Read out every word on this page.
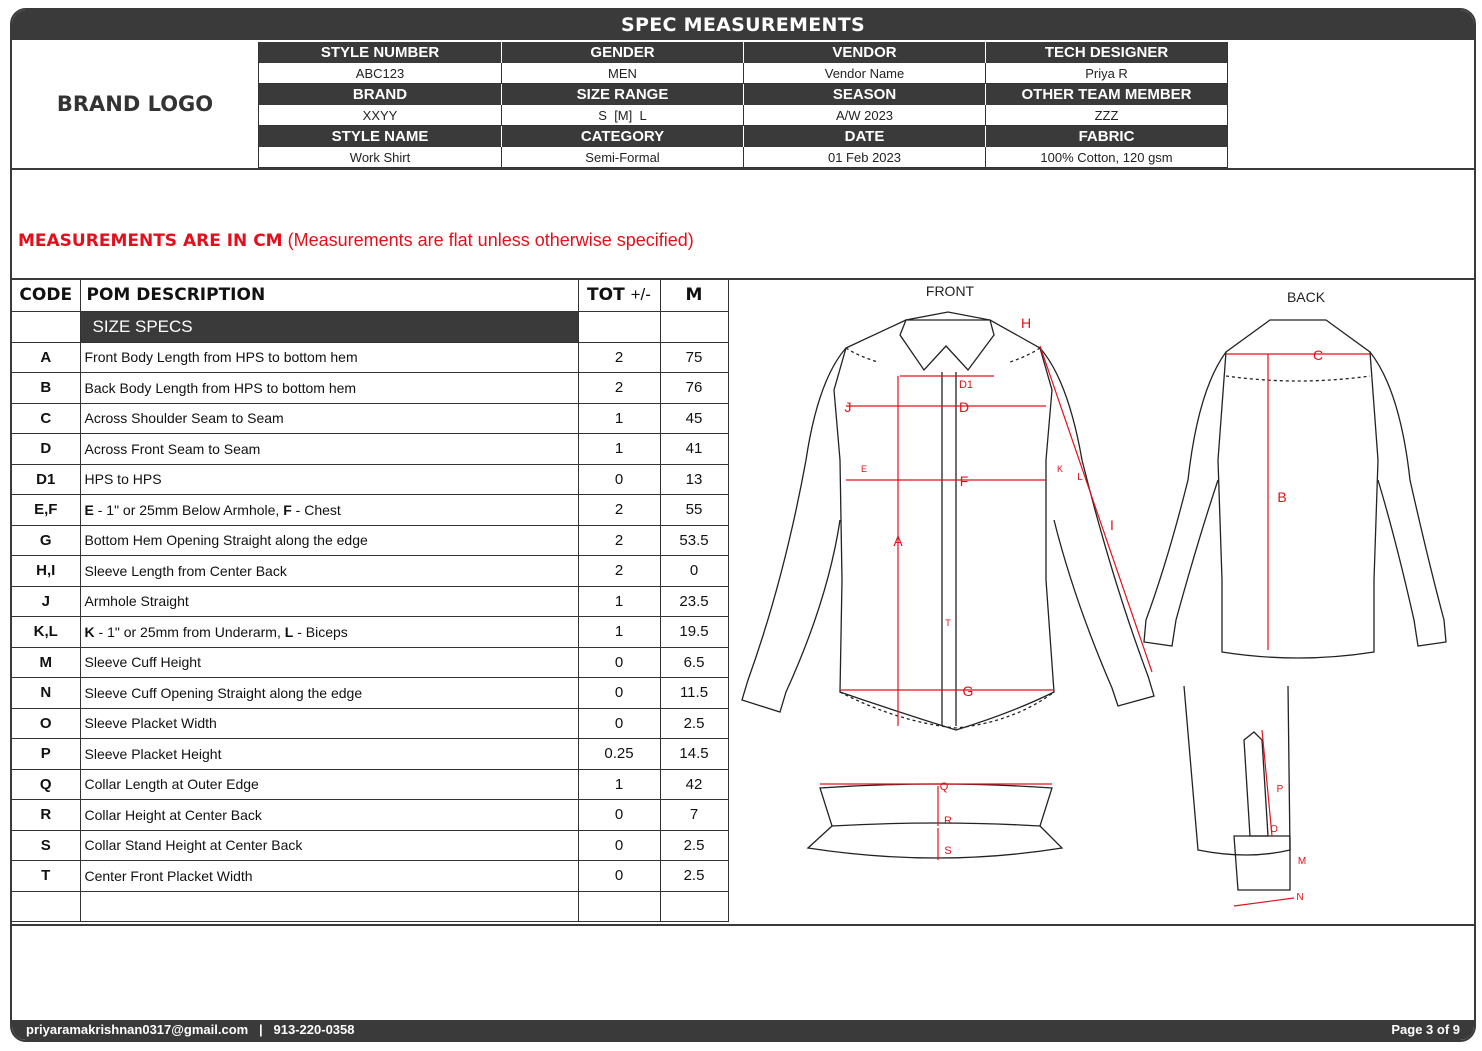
SPEC MEASUREMENTS
BRAND LOGO
STYLE NUMBER	GENDER	VENDOR	TECH DESIGNER
ABC123	MEN	Vendor Name	Priya R
BRAND	SIZE RANGE	SEASON	OTHER TEAM MEMBER
XXYY	S  [M]  L	A/W 2023	ZZZ
STYLE NAME	CATEGORY	DATE	FABRIC
Work Shirt	Semi-Formal	01 Feb 2023	100% Cotton, 120 gsm
MEASUREMENTS ARE IN CM (Measurements are flat unless otherwise specified)
CODE	POM DESCRIPTION	TOT +/-	M
	SIZE SPECS		
A	Front Body Length from HPS to bottom hem	2	75
B	Back Body Length from HPS to bottom hem	2	76
C	Across Shoulder Seam to Seam	1	45
D	Across Front Seam to Seam	1	41
D1	HPS to HPS	0	13
E,F	E - 1" or 25mm Below Armhole, F - Chest	2	55
G	Bottom Hem Opening Straight along the edge	2	53.5
H,I	Sleeve Length from Center Back	2	0
J	Armhole Straight	1	23.5
K,L	K - 1" or 25mm from Underarm, L - Biceps	1	19.5
M	Sleeve Cuff Height	0	6.5
N	Sleeve Cuff Opening Straight along the edge	0	11.5
O	Sleeve Placket Width	0	2.5
P	Sleeve Placket Height	0.25	14.5
Q	Collar Length at Outer Edge	1	42
R	Collar Height at Center Back	0	7
S	Collar Stand Height at Center Back	0	2.5
T	Center Front Placket Width	0	2.5

H
D1
D
J
E	K
L
F
I
A
T
G
C
B
Q
R
S
P
O
M
N
FRONT	BACK
priyaramakrishnan0317@gmail.com   |   913-220-0358	Page 3 of 9
